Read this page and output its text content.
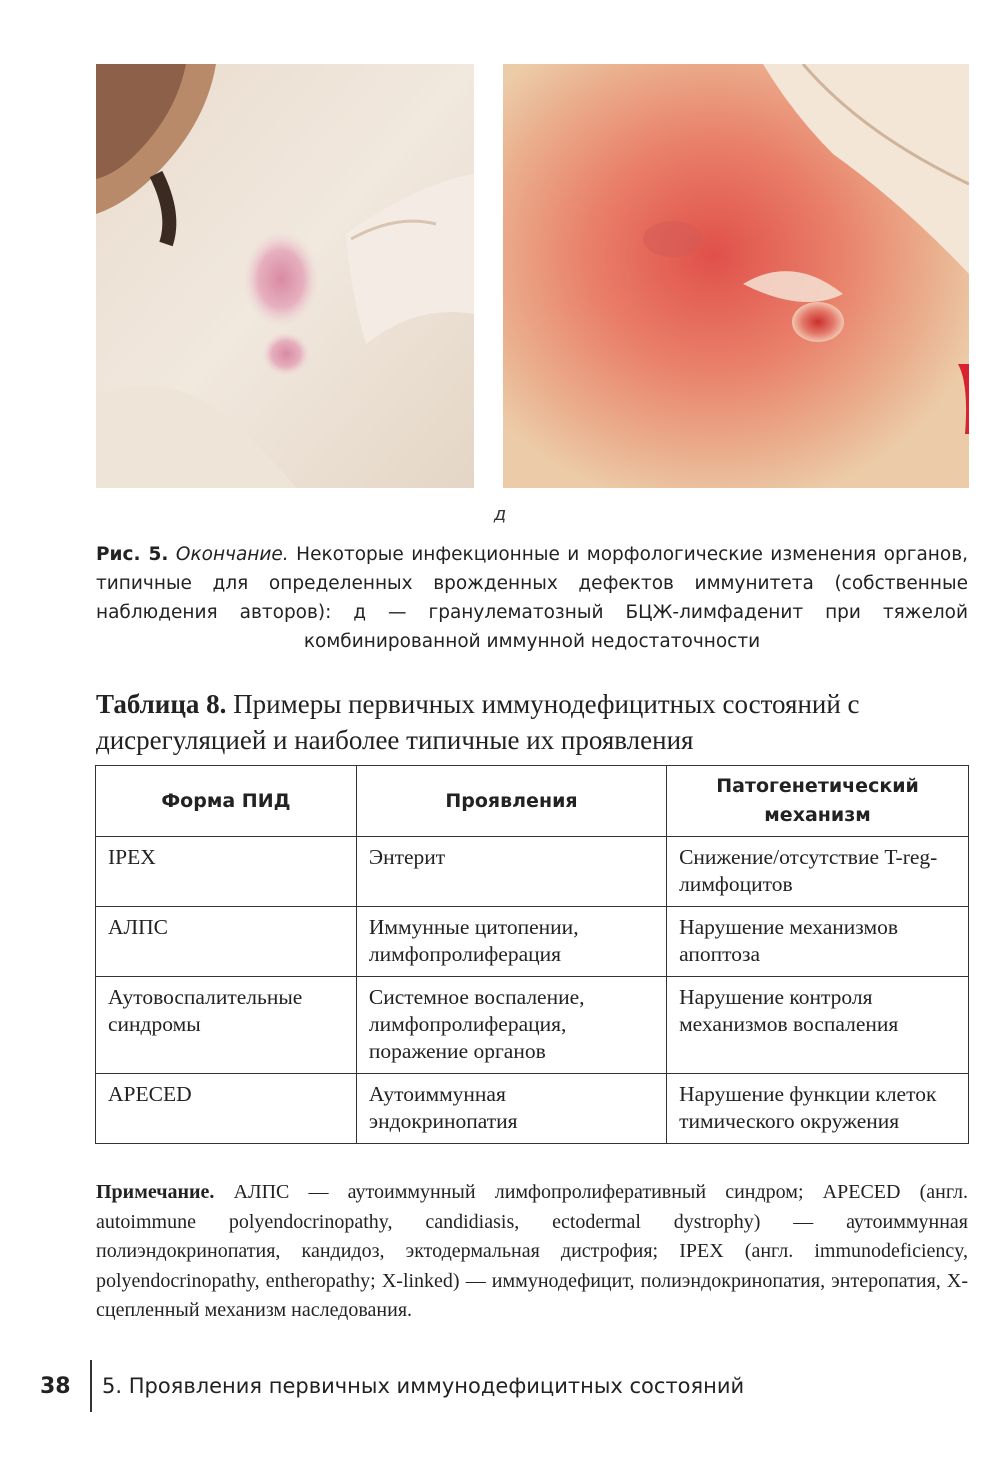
д
Рис. 5. Окончание. Некоторые инфекционные и морфологические изменения органов, типичные для определенных врожденных дефектов иммунитета (собственные наблюдения авторов): д — гранулематозный БЦЖ-лимфаденит при тяжелой комбинированной иммунной недостаточности
Таблица 8. Примеры первичных иммунодефицитных состояний с дисрегуляцией и наиболее типичные их проявления
Форма ПИД	Проявления	Патогенетический механизм
IPEX	Энтерит	Снижение/отсутствие T-reg-лимфоцитов
АЛПС	Иммунные цитопении, лимфопролиферация	Нарушение механизмов апоптоза
Аутовоспалительные синдромы	Системное воспаление, лимфопролиферация, поражение органов	Нарушение контроля механизмов воспаления
APECED	Аутоиммунная эндокринопатия	Нарушение функции клеток тимического окружения
Примечание. АЛПС — аутоиммунный лимфопролиферативный синдром; APECED (англ. autoimmune polyendocrinopathy, candidiasis, ectodermal dystrophy) — аутоиммунная полиэндокринопатия, кандидоз, эктодермальная дистрофия; IPEX (англ. immunodeficiency, polyendocrinopathy, entheropathy; X-linked) — иммунодефицит, полиэндокринопатия, энтеропатия, X-сцепленный механизм наследования.
38	5. Проявления первичных иммунодефицитных состояний
